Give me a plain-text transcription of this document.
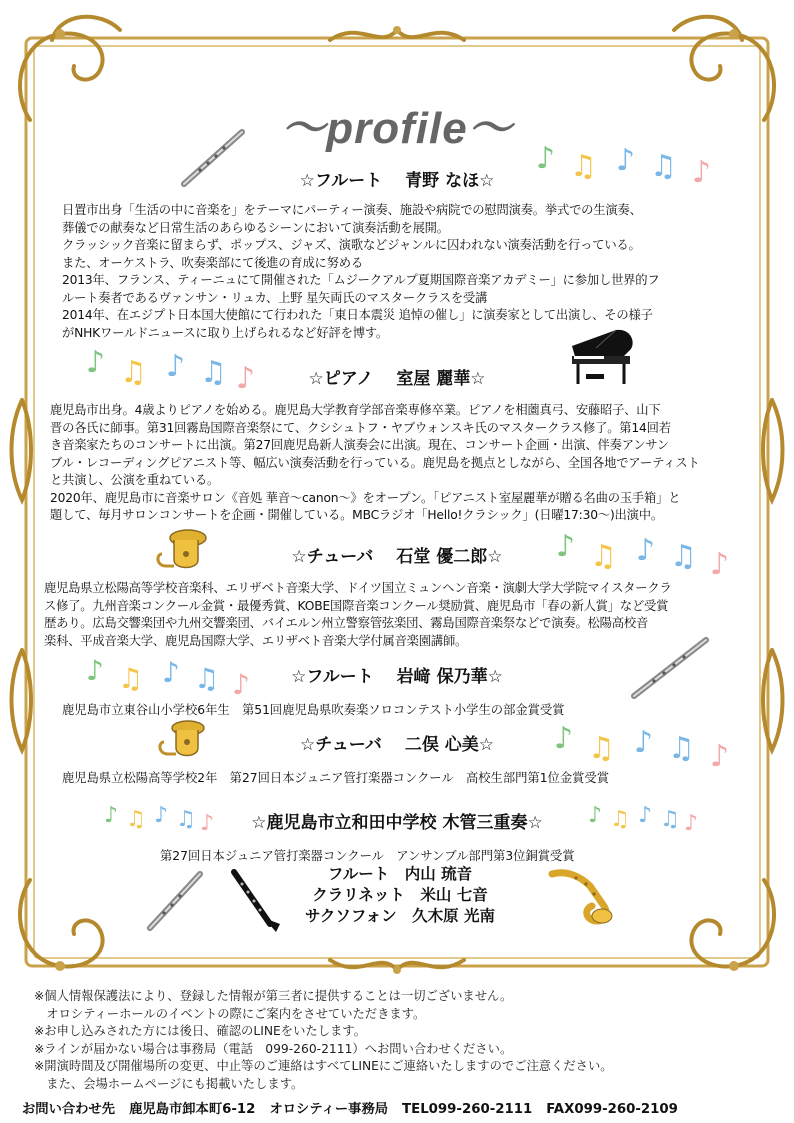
～profile～
♪ ♫ ♪ ♫ ♪
☆フルート　 青野 なほ☆

日置市出身「生活の中に音楽を」をテーマにパーティー演奏、施設や病院での慰問演奏。挙式での生演奏、

葬儀での献奏など日常生活のあらゆるシーンにおいて演奏活動を展開。

クラッシック音楽に留まらず、ポップス、ジャズ、演歌などジャンルに囚われない演奏活動を行っている。

また、オーケストラ、吹奏楽部にて後進の育成に努める

2013年、フランス、ティーニュにて開催された「ムジークアルプ夏期国際音楽アカデミー」に参加し世界的フ

ルート奏者であるヴァンサン・リュカ、上野 星矢両氏のマスタークラスを受講

2014年、在エジプト日本国大使館にて行われた「東日本震災 追悼の催し」に演奏家として出演し、その様子

がNHKワールドニュースに取り上げられるなど好評を博す。

♪ ♫ ♪ ♫ ♪	☆ピアノ　 室屋 麗華☆

鹿児島市出身。4歳よりピアノを始める。鹿児島大学教育学部音楽専修卒業。ピアノを相薗真弓、安藤昭子、山下

晋の各氏に師事。第31回霧島国際音楽祭にて、クシシュトフ・ヤブウォンスキ氏のマスタークラス修了。第14回若

き音楽家たちのコンサートに出演。第27回鹿児島新人演奏会に出演。現在、コンサート企画・出演、伴奏アンサン

ブル・レコーディングピアニスト等、幅広い演奏活動を行っている。鹿児島を拠点としながら、全国各地でアーティスト

と共演し、公演を重ねている。

2020年、鹿児島市に音楽サロン《音処 華音～canon～》をオープン。「ピアニスト室屋麗華が贈る名曲の玉手箱」と

題して、毎月サロンコンサートを企画・開催している。MBCラジオ「Hello!クラシック」(日曜17:30～)出演中。

♪ ♫ ♪ ♫ ♪
☆チューバ　 石堂 優二郎☆

鹿児島県立松陽高等学校音楽科、エリザベト音楽大学、ドイツ国立ミュンヘン音楽・演劇大学大学院マイスタークラ

ス修了。九州音楽コンクール金賞・最優秀賞、KOBE国際音楽コンクール奨励賞、鹿児島市「春の新人賞」など受賞

歴あり。広島交響楽団や九州交響楽団、バイエルン州立警察管弦楽団、霧島国際音楽祭などで演奏。松陽高校音

楽科、平成音楽大学、鹿児島国際大学、エリザベト音楽大学付属音楽園講師。

♪ ♫ ♪ ♫ ♪	☆フルート　 岩﨑 保乃華☆
鹿児島市立東谷山小学校6年生　第51回鹿児島県吹奏楽ソロコンテスト小学生の部金賞受賞
♪ ♫ ♪ ♫ ♪
☆チューバ　 二俣 心美☆
鹿児島県立松陽高等学校2年　第27回日本ジュニア管打楽器コンクール　高校生部門第1位金賞受賞
♪ ♫ ♪ ♫ ♪	♪ ♫ ♪ ♫ ♪
☆鹿児島市立和田中学校 木管三重奏☆
第27回日本ジュニア管打楽器コンクール　アンサンブル部門第3位銅賞受賞
フルート　 内山 琉音
クラリネット　 米山 七音
サクソフォン　 久木原 光南

※個人情報保護法により、登録した情報が第三者に提供することは一切ございません。

　オロシティーホールのイベントの際にご案内をさせていただきます。

※お申し込みされた方には後日、確認のLINEをいたします。

※ラインが届かない場合は事務局（電話　099-260-2111）へお問い合わせください。

※開演時間及び開催場所の変更、中止等のご連絡はすべてLINEにご連絡いたしますのでご注意ください。

　また、会場ホームページにも掲載いたします。

お問い合わせ先 鹿児島市卸本町6-12 オロシティー事務局 TEL099-260-2111 FAX099-260-2109
